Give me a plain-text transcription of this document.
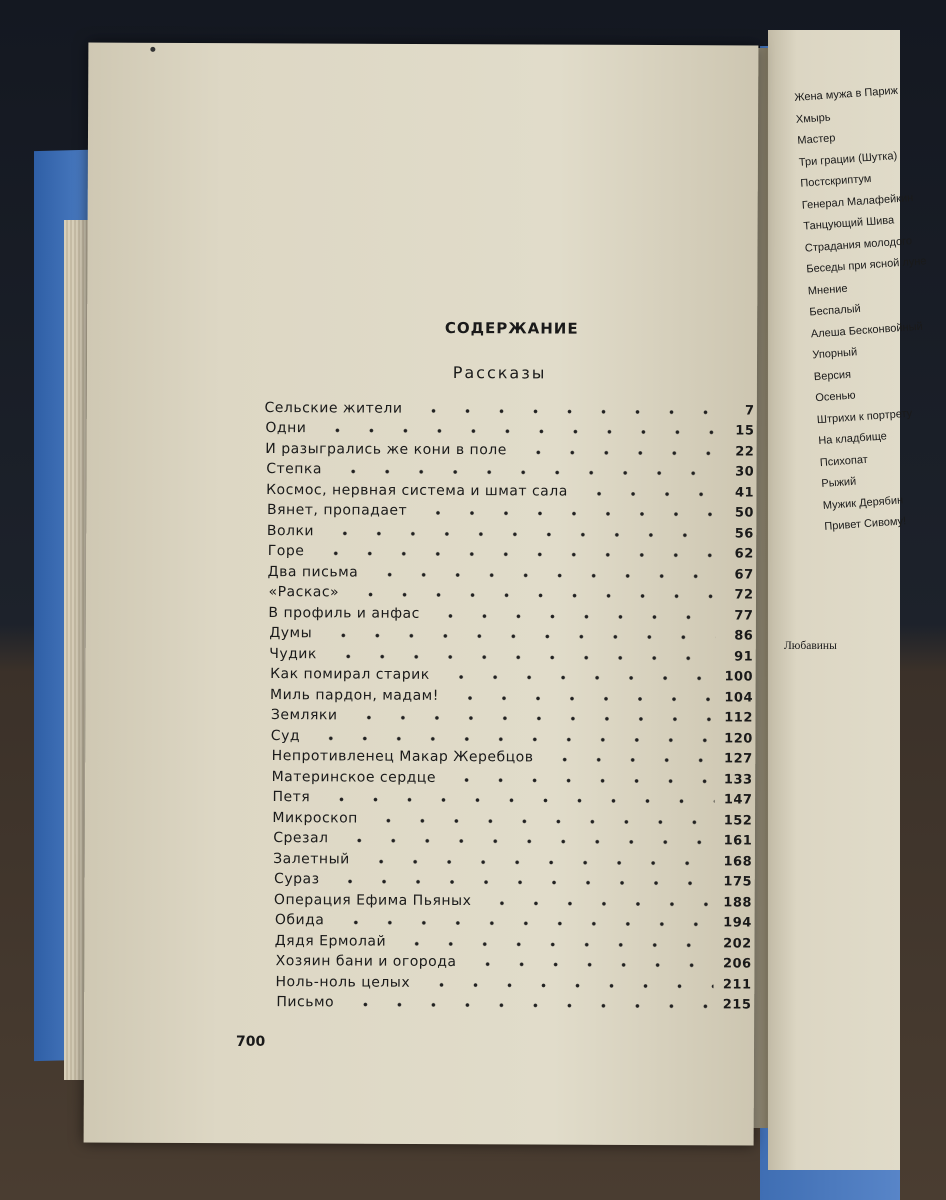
Жена мужа в Париж
Хмырь
Мастер
Три грации (Шутка)
Постскриптум
Генерал Малафейкин
Танцующий Шива
Страдания молодого
Беседы при ясной луне
Мнение
Беспалый
Алеша Бесконвойный
Упорный
Версия
Осенью
Штрихи к портрету
На кладбище
Психопат
Рыжий
Мужик Дерябин
Привет Сивому!
Любавины
СОДЕРЖАНИЕ
Рассказы
Сельские жители	7
Одни	15
И разыгрались же кони в поле	22
Степка	30
Космос, нервная система и шмат сала	41
Вянет, пропадает	50
Волки	56
Горе	62
Два письма	67
«Раскас»	72
В профиль и анфас	77
Думы	86
Чудик	91
Как помирал старик	100
Миль пардон, мадам!	104
Земляки	112
Суд	120
Непротивленец Макар Жеребцов	127
Материнское сердце	133
Петя	147
Микроскоп	152
Срезал	161
Залетный	168
Сураз	175
Операция Ефима Пьяных	188
Обида	194
Дядя Ермолай	202
Хозяин бани и огорода	206
Ноль-ноль целых	211
Письмо	215
700
